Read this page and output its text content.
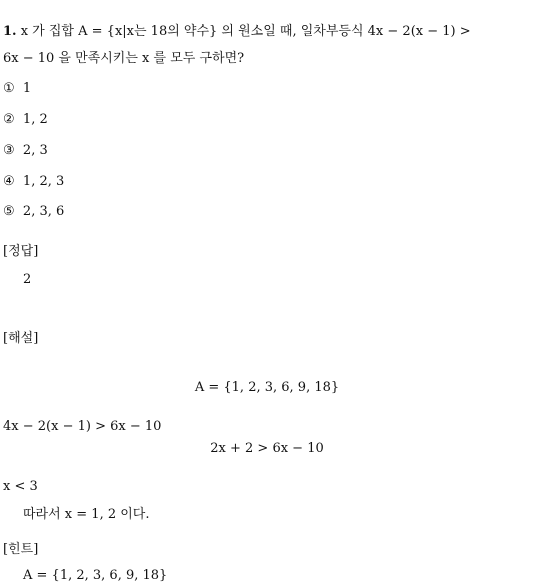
1. x 가 집합 A = {x|x는 18의 약수} 의 원소일 때, 일차부등식 4x − 2(x − 1) >

6x − 10 을 만족시키는 x 를 모두 구하면?

① 1

② 1, 2

③ 2, 3

④ 1, 2, 3

⑤ 2, 3, 6

[정답]

2

[해설]

A = {1, 2, 3, 6, 9, 18}

4x − 2(x − 1) > 6x − 10

2x + 2 > 6x − 10

x < 3

따라서 x = 1, 2 이다.

[힌트]

A = {1, 2, 3, 6, 9, 18}
